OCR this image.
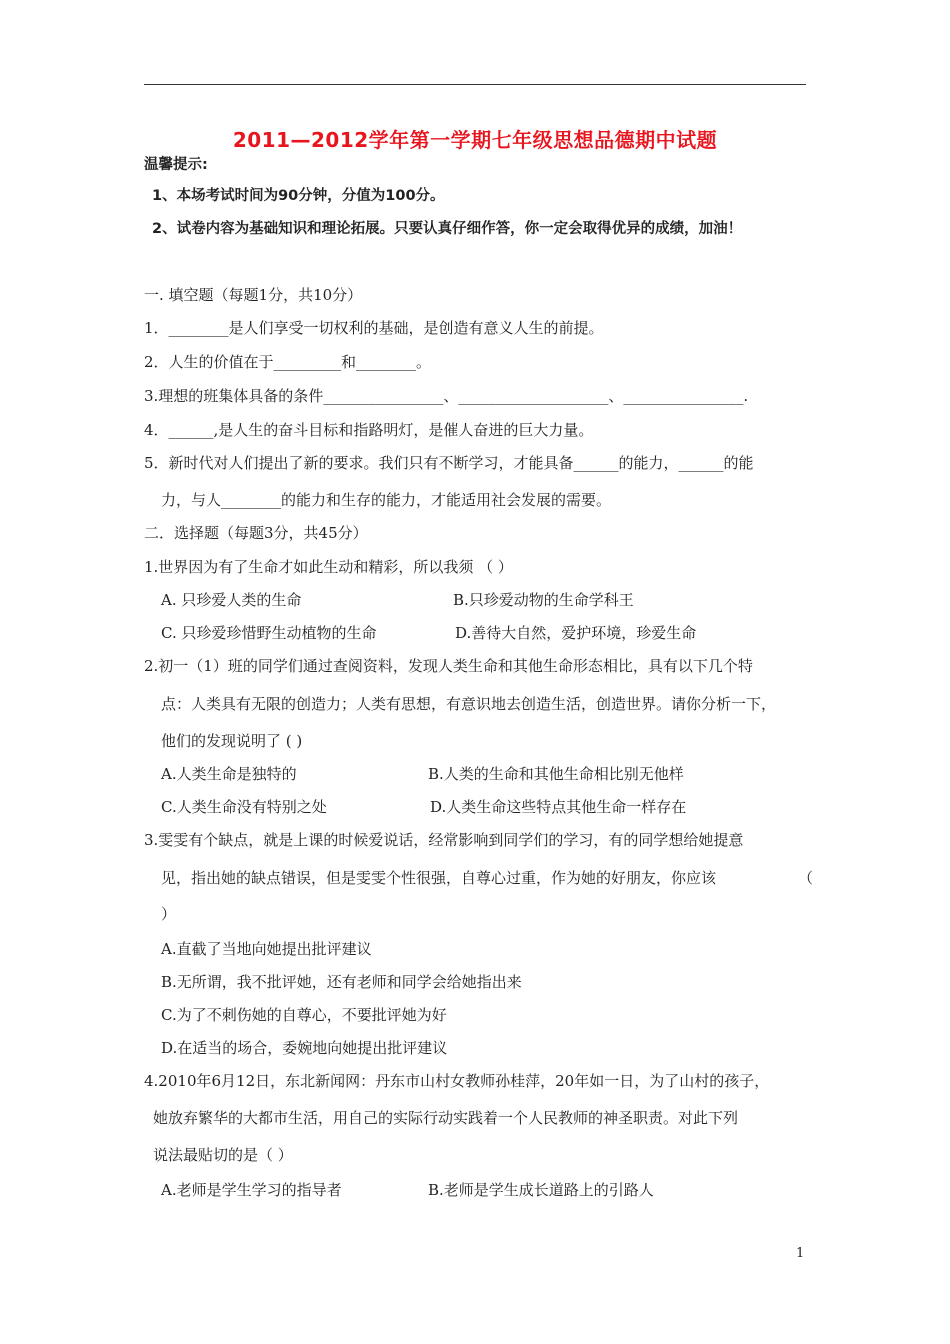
2011—2012学年第一学期七年级思想品德期中试题
温馨提示:
1、本场考试时间为90分钟，分值为100分。
2、试卷内容为基础知识和理论拓展。只要认真仔细作答，你一定会取得优异的成绩，加油！
一. 填空题（每题1分，共10分）
1．________是人们享受一切权利的基础，是创造有意义人生的前提。
2．人生的价值在于_________和________。
3.理想的班集体具备的条件________________、____________________、________________.
4．______,是人生的奋斗目标和指路明灯，是催人奋进的巨大力量。
5．新时代对人们提出了新的要求。我们只有不断学习，才能具备______的能力，______的能
力，与人________的能力和生存的能力，才能适用社会发展的需要。
二．选择题（每题3分，共45分）
1.世界因为有了生命才如此生动和精彩，所以我须 （ ）
A. 只珍爱人类的生命	B.只珍爱动物的生命学科王
C. 只珍爱珍惜野生动植物的生命	D.善待大自然，爱护环境，珍爱生命
2.初一（1）班的同学们通过查阅资料，发现人类生命和其他生命形态相比，具有以下几个特
点：人类具有无限的创造力；人类有思想，有意识地去创造生活，创造世界。请你分析一下，
他们的发现说明了 ( )
A.人类生命是独特的	B.人类的生命和其他生命相比别无他样
C.人类生命没有特别之处	D.人类生命这些特点其他生命一样存在
3.雯雯有个缺点，就是上课的时候爱说话，经常影响到同学们的学习，有的同学想给她提意
见，指出她的缺点错误，但是雯雯个性很强，自尊心过重，作为她的好朋友，你应该	（
）
A.直截了当地向她提出批评建议
B.无所谓，我不批评她，还有老师和同学会给她指出来
C.为了不刺伤她的自尊心，不要批评她为好
D.在适当的场合，委婉地向她提出批评建议
4.2010年6月12日，东北新闻网：丹东市山村女教师孙桂萍，20年如一日，为了山村的孩子，
她放弃繁华的大都市生活，用自己的实际行动实践着一个人民教师的神圣职责。对此下列
说法最贴切的是（ ）
A.老师是学生学习的指导者	B.老师是学生成长道路上的引路人
1
